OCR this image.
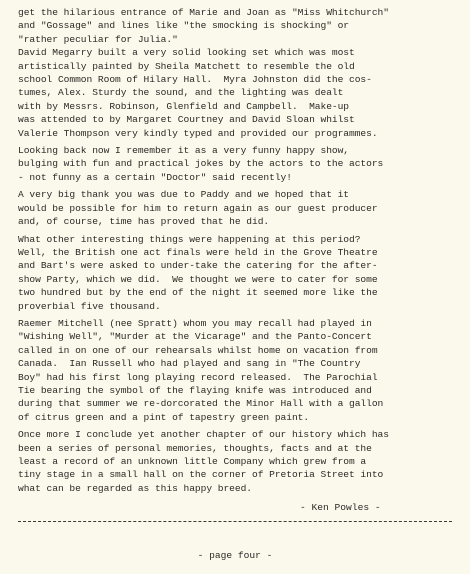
get the hilarious entrance of Marie and Joan as "Miss Whitchurch"
and "Gossage" and lines like "the smocking is shocking" or
"rather peculiar for Julia."
David Megarry built a very solid looking set which was most
artistically painted by Sheila Matchett to resemble the old
school Common Room of Hilary Hall.  Myra Johnston did the cos-
tumes, Alex. Sturdy the sound, and the lighting was dealt
with by Messrs. Robinson, Glenfield and Campbell.  Make-up
was attended to by Margaret Courtney and David Sloan whilst
Valerie Thompson very kindly typed and provided our programmes.
Looking back now I remember it as a very funny happy show,
bulging with fun and practical jokes by the actors to the actors
- not funny as a certain "Doctor" said recently!
A very big thank you was due to Paddy and we hoped that it
would be possible for him to return again as our guest producer
and, of course, time has proved that he did.
What other interesting things were happening at this period?
Well, the British one act finals were held in the Grove Theatre
and Bart's were asked to under-take the catering for the after-
show Party, which we did.  We thought we were to cater for some
two hundred but by the end of the night it seemed more like the
proverbial five thousand.
Raemer Mitchell (nee Spratt) whom you may recall had played in
"Wishing Well", "Murder at the Vicarage" and the Panto-Concert
called in on one of our rehearsals whilst home on vacation from
Canada.  Ian Russell who had played and sang in "The Country
Boy" had his first long playing record released.  The Parochial
Tie bearing the symbol of the flaying knife was introduced and
during that summer we re-dorcorated the Minor Hall with a gallon
of citrus green and a pint of tapestry green paint.
Once more I conclude yet another chapter of our history which has
been a series of personal memories, thoughts, facts and at the
least a record of an unknown little Company which grew from a
tiny stage in a small hall on the corner of Pretoria Street into
what can be regarded as this happy breed.
- Ken Powles -
- page four -
